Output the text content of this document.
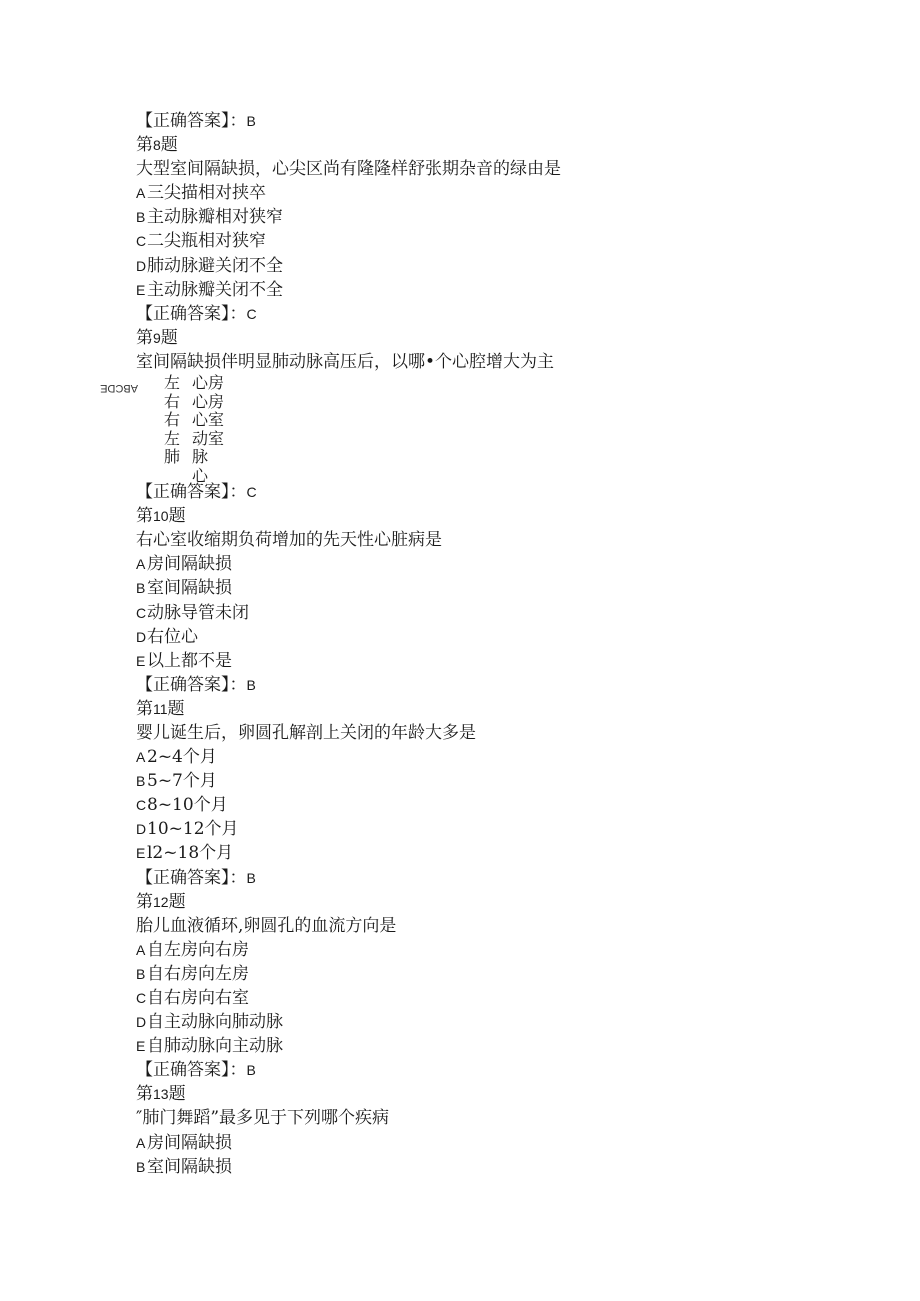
【正确答案】：B
第8题
大型室间隔缺损，心尖区尚有隆隆样舒张期杂音的绿由是
A三尖描相对挟卒
B主动脉瓣相对狭窄
C二尖瓶相对狭窄
D肺动脉避关闭不全
E主动脉瓣关闭不全
【正确答案】：C
第9题
室间隔缺损伴明显肺动脉高压后，以哪•个心腔增大为主
ABCDE 左
右
右
左
肺
心房
心房
心室
动室
脉
心
【正确答案】：C
第10题
右心室收缩期负荷增加的先天性心脏病是
A房间隔缺损
B室间隔缺损
C动脉导管未闭
D右位心
E以上都不是
【正确答案】：B
第11题
婴儿诞生后，卵圆孔解剖上关闭的年龄大多是
A2~4个月
B5~7个月
C8~10个月
D10~12个月
El2~18个月
【正确答案】：B
第12题
胎儿血液循环,卵圆孔的血流方向是
A自左房向右房
B自右房向左房
C自右房向右室
D自主动脉向肺动脉
E自肺动脉向主动脉
【正确答案】：B
第13题
″肺门舞蹈”最多见于下列哪个疾病
A房间隔缺损
B室间隔缺损
